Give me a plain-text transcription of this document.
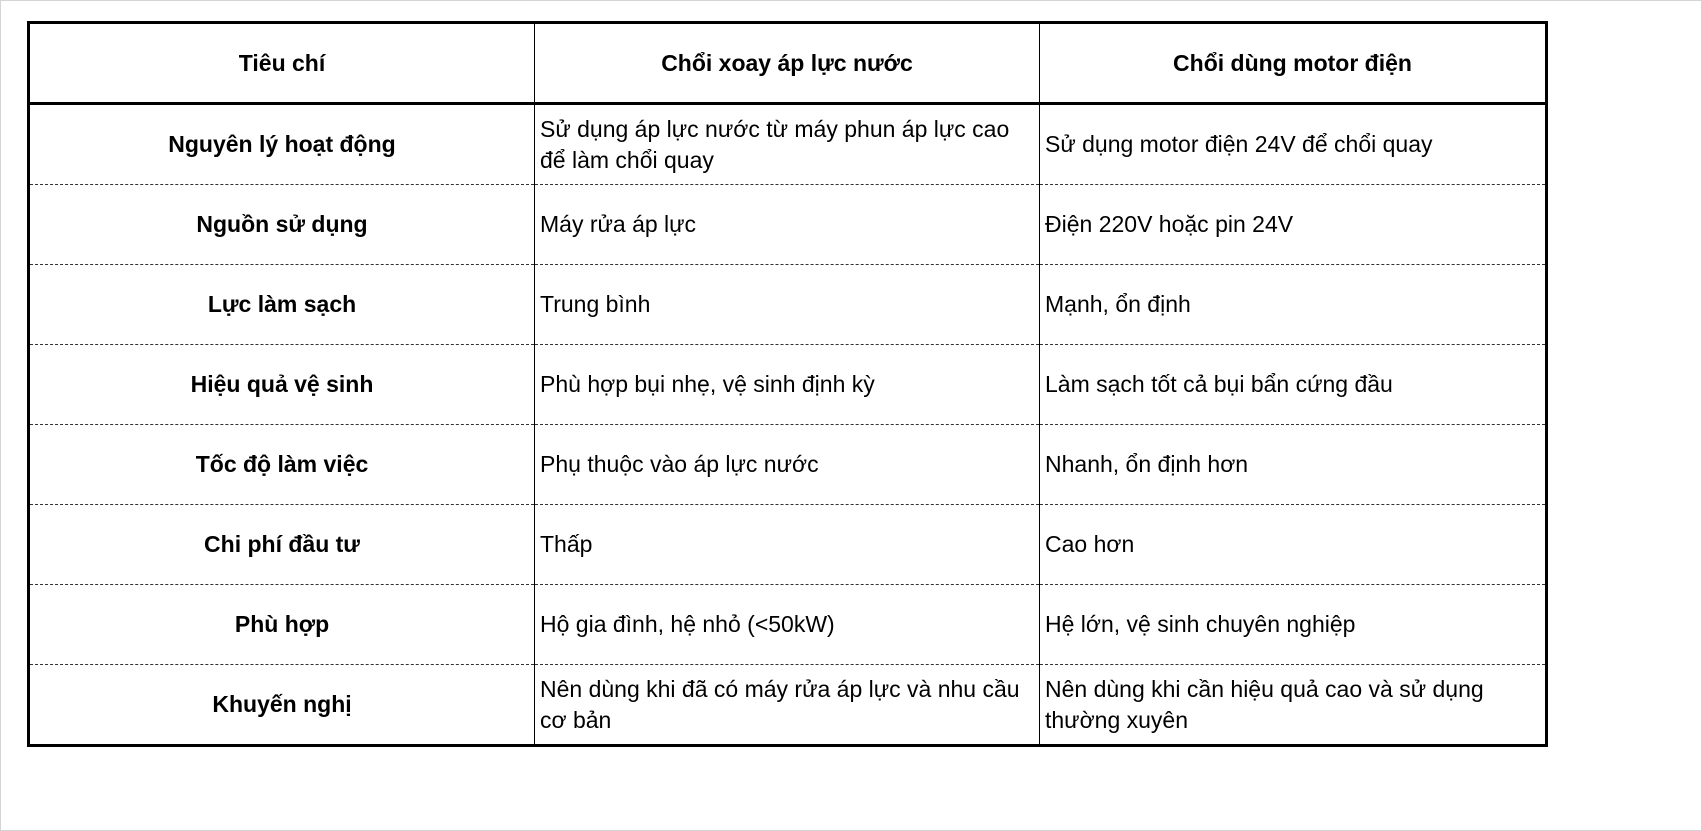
Tiêu chí	Chổi xoay áp lực nước	Chổi dùng motor điện
Nguyên lý hoạt động	Sử dụng áp lực nước từ máy phun áp lực cao để làm chổi quay	Sử dụng motor điện 24V để chổi quay
Nguồn sử dụng	Máy rửa áp lực	Điện 220V hoặc pin 24V
Lực làm sạch	Trung bình	Mạnh, ổn định
Hiệu quả vệ sinh	Phù hợp bụi nhẹ, vệ sinh định kỳ	Làm sạch tốt cả bụi bẩn cứng đầu
Tốc độ làm việc	Phụ thuộc vào áp lực nước	Nhanh, ổn định hơn
Chi phí đầu tư	Thấp	Cao hơn
Phù hợp	Hộ gia đình, hệ nhỏ (<50kW)	Hệ lớn, vệ sinh chuyên nghiệp
Khuyến nghị	Nên dùng khi đã có máy rửa áp lực và nhu cầu cơ bản	Nên dùng khi cần hiệu quả cao và sử dụng thường xuyên
